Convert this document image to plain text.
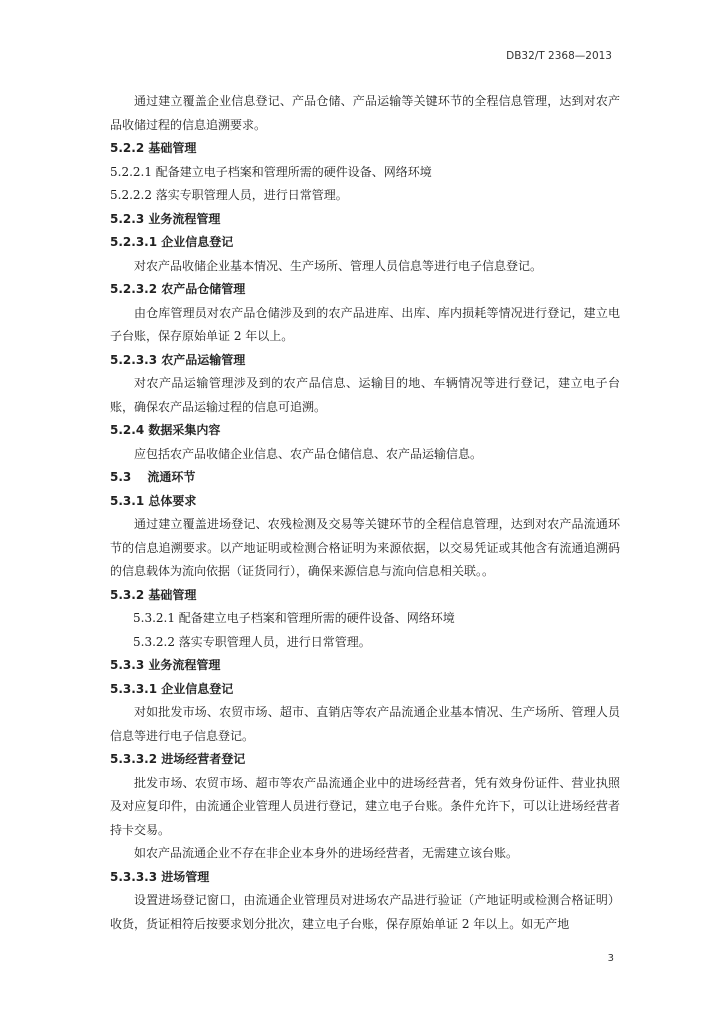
DB32/T 2368—2013
通过建立覆盖企业信息登记、产品仓储、产品运输等关键环节的全程信息管理，达到对农产品收储过程的信息追溯要求。
5.2.2 基础管理
5.2.2.1 配备建立电子档案和管理所需的硬件设备、网络环境
5.2.2.2 落实专职管理人员，进行日常管理。
5.2.3 业务流程管理
5.2.3.1 企业信息登记
对农产品收储企业基本情况、生产场所、管理人员信息等进行电子信息登记。
5.2.3.2 农产品仓储管理
由仓库管理员对农产品仓储涉及到的农产品进库、出库、库内损耗等情况进行登记，建立电子台账，保存原始单证 2 年以上。
5.2.3.3 农产品运输管理
对农产品运输管理涉及到的农产品信息、运输目的地、车辆情况等进行登记，建立电子台账，确保农产品运输过程的信息可追溯。
5.2.4 数据采集内容
应包括农产品收储企业信息、农产品仓储信息、农产品运输信息。
5.3　 流通环节
5.3.1 总体要求
通过建立覆盖进场登记、农残检测及交易等关键环节的全程信息管理，达到对农产品流通环节的信息追溯要求。以产地证明或检测合格证明为来源依据，以交易凭证或其他含有流通追溯码的信息载体为流向依据（证货同行），确保来源信息与流向信息相关联。。
5.3.2 基础管理
5.3.2.1 配备建立电子档案和管理所需的硬件设备、网络环境
5.3.2.2 落实专职管理人员，进行日常管理。
5.3.3 业务流程管理
5.3.3.1 企业信息登记
对如批发市场、农贸市场、超市、直销店等农产品流通企业基本情况、生产场所、管理人员信息等进行电子信息登记。
5.3.3.2 进场经营者登记
批发市场、农贸市场、超市等农产品流通企业中的进场经营者，凭有效身份证件、营业执照及对应复印件，由流通企业管理人员进行登记，建立电子台账。条件允许下，可以让进场经营者持卡交易。
如农产品流通企业不存在非企业本身外的进场经营者，无需建立该台账。
5.3.3.3 进场管理
设置进场登记窗口，由流通企业管理员对进场农产品进行验证（产地证明或检测合格证明）收货，货证相符后按要求划分批次，建立电子台账，保存原始单证 2 年以上。如无产地
3
